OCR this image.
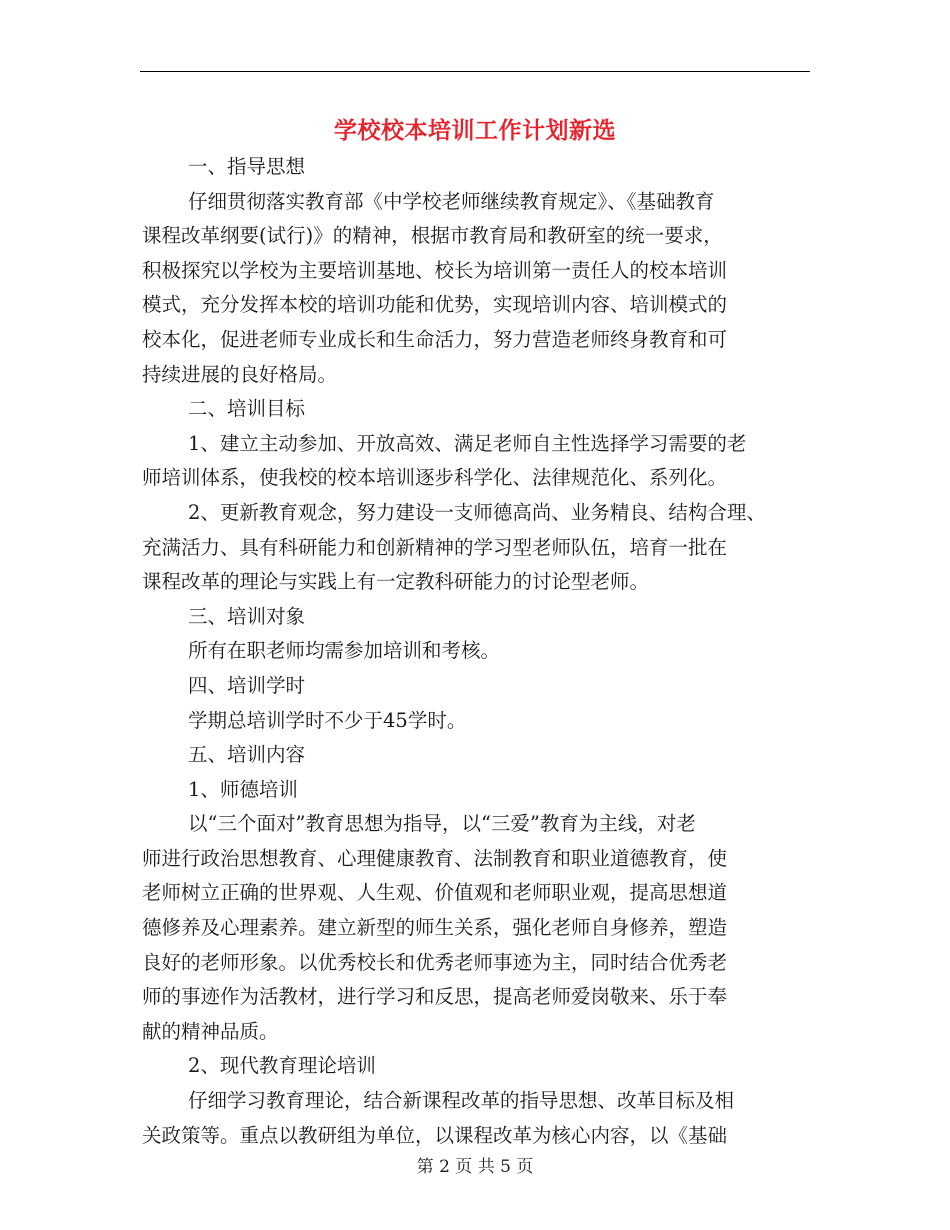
学校校本培训工作计划新选
一、指导思想
仔细贯彻落实教育部《中学校老师继续教育规定》、《基础教育
课程改革纲要(试行)》的精神，根据市教育局和教研室的统一要求，
积极探究以学校为主要培训基地、校长为培训第一责任人的校本培训
模式，充分发挥本校的培训功能和优势，实现培训内容、培训模式的
校本化，促进老师专业成长和生命活力，努力营造老师终身教育和可
持续进展的良好格局。
二、培训目标
1、建立主动参加、开放高效、满足老师自主性选择学习需要的老
师培训体系，使我校的校本培训逐步科学化、法律规范化、系列化。
2、更新教育观念，努力建设一支师德高尚、业务精良、结构合理、
充满活力、具有科研能力和创新精神的学习型老师队伍，培育一批在
课程改革的理论与实践上有一定教科研能力的讨论型老师。
三、培训对象
所有在职老师均需参加培训和考核。
四、培训学时
学期总培训学时不少于45学时。
五、培训内容
1、师德培训
以“三个面对”教育思想为指导，以“三爱”教育为主线，对老
师进行政治思想教育、心理健康教育、法制教育和职业道德教育，使
老师树立正确的世界观、人生观、价值观和老师职业观，提高思想道
德修养及心理素养。建立新型的师生关系，强化老师自身修养，塑造
良好的老师形象。以优秀校长和优秀老师事迹为主，同时结合优秀老
师的事迹作为活教材，进行学习和反思，提高老师爱岗敬来、乐于奉
献的精神品质。
2、现代教育理论培训
仔细学习教育理论，结合新课程改革的指导思想、改革目标及相
关政策等。重点以教研组为单位，以课程改革为核心内容，以《基础
第 2 页 共 5 页
